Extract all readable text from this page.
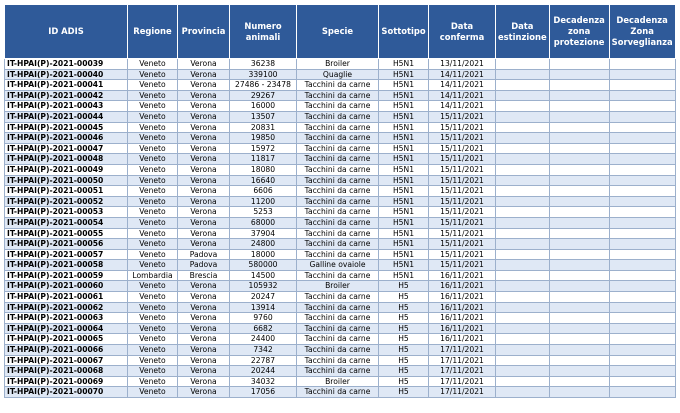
ID ADIS	Regione	Provincia	Numero animali	Specie	Sottotipo	Data conferma	Data estinzione	Decadenza zona protezione	Decadenza Zona Sorveglianza
IT-HPAI(P)-2021-00039	Veneto	Verona	36238	Broiler	H5N1	13/11/2021			
IT-HPAI(P)-2021-00040	Veneto	Verona	339100	Quaglie	H5N1	14/11/2021			
IT-HPAI(P)-2021-00041	Veneto	Verona	27486 - 23478	Tacchini da carne	H5N1	14/11/2021			
IT-HPAI(P)-2021-00042	Veneto	Verona	29267	Tacchini da carne	H5N1	14/11/2021			
IT-HPAI(P)-2021-00043	Veneto	Verona	16000	Tacchini da carne	H5N1	14/11/2021			
IT-HPAI(P)-2021-00044	Veneto	Verona	13507	Tacchini da carne	H5N1	15/11/2021			
IT-HPAI(P)-2021-00045	Veneto	Verona	20831	Tacchini da carne	H5N1	15/11/2021			
IT-HPAI(P)-2021-00046	Veneto	Verona	19850	Tacchini da carne	H5N1	15/11/2021			
IT-HPAI(P)-2021-00047	Veneto	Verona	15972	Tacchini da carne	H5N1	15/11/2021			
IT-HPAI(P)-2021-00048	Veneto	Verona	11817	Tacchini da carne	H5N1	15/11/2021			
IT-HPAI(P)-2021-00049	Veneto	Verona	18080	Tacchini da carne	H5N1	15/11/2021			
IT-HPAI(P)-2021-00050	Veneto	Verona	16640	Tacchini da carne	H5N1	15/11/2021			
IT-HPAI(P)-2021-00051	Veneto	Verona	6606	Tacchini da carne	H5N1	15/11/2021			
IT-HPAI(P)-2021-00052	Veneto	Verona	11200	Tacchini da carne	H5N1	15/11/2021			
IT-HPAI(P)-2021-00053	Veneto	Verona	5253	Tacchini da carne	H5N1	15/11/2021			
IT-HPAI(P)-2021-00054	Veneto	Verona	68000	Tacchini da carne	H5N1	15/11/2021			
IT-HPAI(P)-2021-00055	Veneto	Verona	37904	Tacchini da carne	H5N1	15/11/2021			
IT-HPAI(P)-2021-00056	Veneto	Verona	24800	Tacchini da carne	H5N1	15/11/2021			
IT-HPAI(P)-2021-00057	Veneto	Padova	18000	Tacchini da carne	H5N1	15/11/2021			
IT-HPAI(P)-2021-00058	Veneto	Padova	580000	Galline ovaiole	H5N1	15/11/2021			
IT-HPAI(P)-2021-00059	Lombardia	Brescia	14500	Tacchini da carne	H5N1	16/11/2021			
IT-HPAI(P)-2021-00060	Veneto	Verona	105932	Broiler	H5	16/11/2021			
IT-HPAI(P)-2021-00061	Veneto	Verona	20247	Tacchini da carne	H5	16/11/2021			
IT-HPAI(P)-2021-00062	Veneto	Verona	13914	Tacchini da carne	H5	16/11/2021			
IT-HPAI(P)-2021-00063	Veneto	Verona	9760	Tacchini da carne	H5	16/11/2021			
IT-HPAI(P)-2021-00064	Veneto	Verona	6682	Tacchini da carne	H5	16/11/2021			
IT-HPAI(P)-2021-00065	Veneto	Verona	24400	Tacchini da carne	H5	16/11/2021			
IT-HPAI(P)-2021-00066	Veneto	Verona	7342	Tacchini da carne	H5	17/11/2021			
IT-HPAI(P)-2021-00067	Veneto	Verona	22787	Tacchini da carne	H5	17/11/2021			
IT-HPAI(P)-2021-00068	Veneto	Verona	20244	Tacchini da carne	H5	17/11/2021			
IT-HPAI(P)-2021-00069	Veneto	Verona	34032	Broiler	H5	17/11/2021			
IT-HPAI(P)-2021-00070	Veneto	Verona	17056	Tacchini da carne	H5	17/11/2021			
